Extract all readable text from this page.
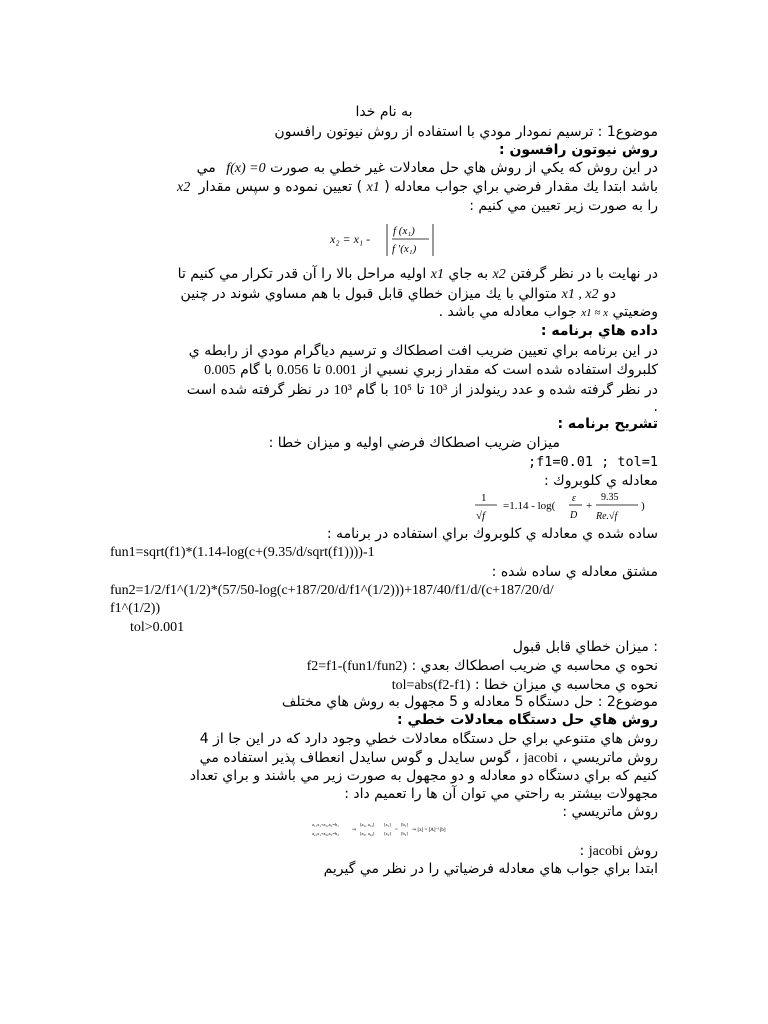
به نام خدا
موضوع1 : ترسيم نمودار مودي با استفاده از روش نيوتون رافسون
روش نيوتون رافسون :
در اين روش كه يكي از روش هاي حل معادلات غير خطي به صورت f(x) =0 مي
باشد ابتدا يك مقدار فرضي براي جواب معادله ( x1 ) تعيين نموده و سپس مقدار x2
را به صورت زير تعيين مي كنيم :
x₂ = x₁ -
f (x₁)
f ′(x₁)
در نهايت با در نظر گرفتن x2 به جاي x1 اوليه مراحل بالا را آن قدر تكرار مي كنيم تا
دو x1 , x2 متوالي با يك ميزان خطاي قابل قبول با هم مساوي شوند در چنين
وضعيتي x1 ≈ x جواب معادله مي باشد .
داده هاي برنامه :
در اين برنامه براي تعيين ضريب افت اصطكاك و ترسيم دياگرام مودي از رابطه ي
كلبروك استفاده شده است كه مقدار زبري نسبي از 0.001 تا 0.056 با گام 0.005
در نظر گرفته شده و عدد رينولدز از 10³ تا 10⁵ با گام 10³ در نظر گرفته شده است
.
تشريح برنامه :
ميزان ضريب اصطكاك فرضي اوليه و ميزان خطا :
;f1=0.01 ; tol=1
معادله ي كلوبروك :
1
√f
=1.14 - log(
ε
D
+
9.35
Re.√f
)
ساده شده ي معادله ي كلوبروك براي استفاده در برنامه :
fun1=sqrt(f1)*(1.14-log(c+(9.35/d/sqrt(f1))))-1
مشتق معادله ي ساده شده :
fun2=1/2/f1^(1/2)*(57/50-log(c+187/20/d/f1^(1/2)))+187/40/f1/d/(c+187/20/d/
f1^(1/2))
tol>0.001
: ميزان خطاي قابل قبول
نحوه ي محاسبه ي ضريب اصطكاك بعدي : f2=f1-(fun1/fun2)
نحوه ي محاسبه ي ميزان خطا : tol=abs(f2-f1)
موضوع2 : حل دستگاه 5 معادله و 5 مجهول به روش هاي مختلف
روش هاي حل دستگاه معادلات خطي :
روش هاي متنوعي براي حل دستگاه معادلات خطي وجود دارد كه در اين جا از 4
روش ماتريسي ، jacobi ، گوس سايدل و گوس سايدل انعطاف پذير استفاده مي
كنيم كه براي دستگاه دو معادله و دو مجهول به صورت زير مي باشند و براي تعداد
مجهولات بيشتر به راحتي مي توان آن ها را تعميم داد :
روش ماتريسي :
a₁₁x₁+a₁₂x₂=b₁
a₂₁x₁+a₂₂x₂=b₂
⇒
[a₁₁ a₁₂]
[a₂₁ a₂₂]
[x₁]
[x₂]
=
[b₁]
[b₂]
⇒ [x] = [A]⁻¹[b]
روش jacobi :
ابتدا براي جواب هاي معادله فرضياتي را در نظر مي گيريم
